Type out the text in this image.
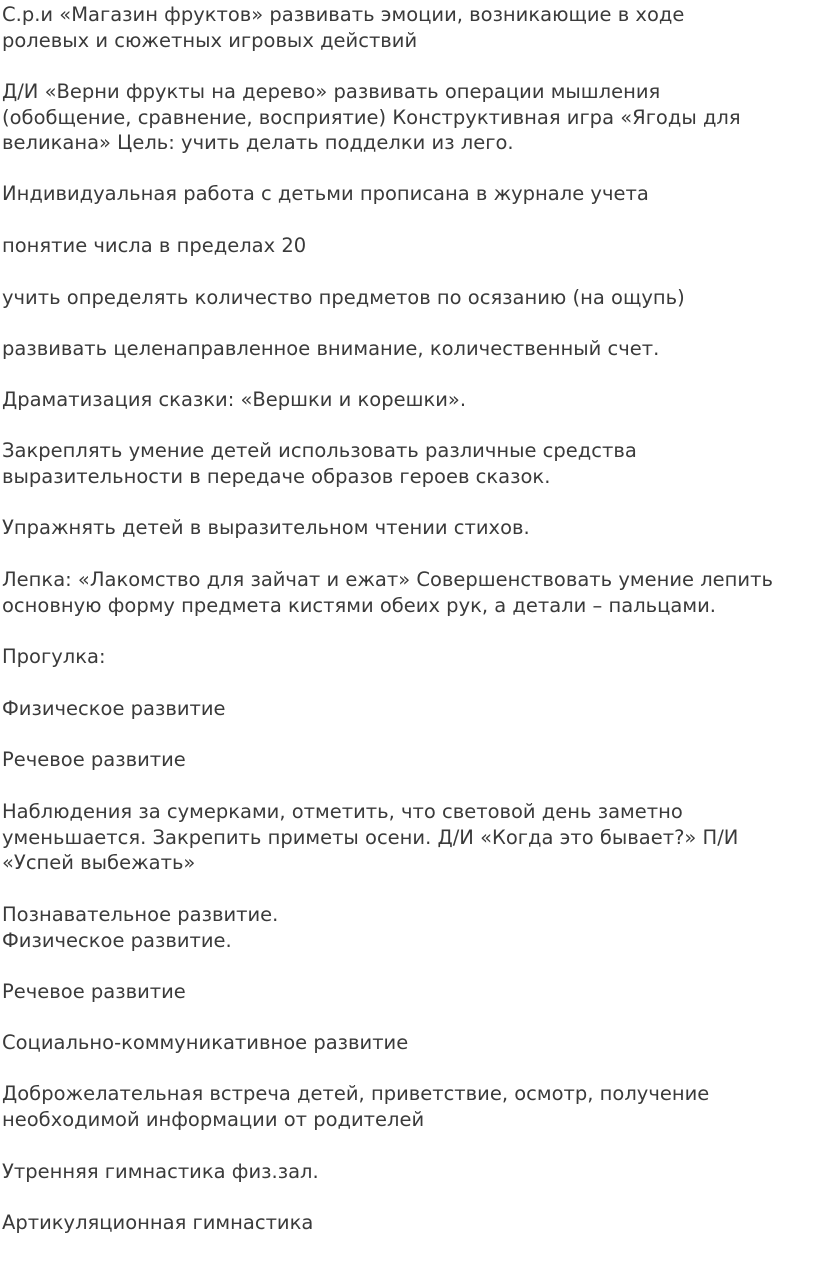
С.р.и «Магазин фруктов» развивать эмоции, возникающие в ходе
ролевых и сюжетных игровых действий

Д/И «Верни фрукты на дерево» развивать операции мышления
(обобщение, сравнение, восприятие) Конструктивная игра «Ягоды для
великана» Цель: учить делать подделки из лего.

Индивидуальная работа с детьми прописана в журнале учета

понятие числа в пределах 20

учить определять количество предметов по осязанию (на ощупь)

развивать целенаправленное внимание, количественный счет.

Драматизация сказки: «Вершки и корешки».

Закреплять умение детей использовать различные средства
выразительности в передаче образов героев сказок.

Упражнять детей в выразительном чтении стихов.

Лепка: «Лакомство для зайчат и ежат» Совершенствовать умение лепить
основную форму предмета кистями обеих рук, а детали – пальцами.

Прогулка:

Физическое развитие

Речевое развитие

Наблюдения за сумерками, отметить, что световой день заметно
уменьшается. Закрепить приметы осени. Д/И «Когда это бывает?» П/И
«Успей выбежать»

Познавательное развитие.
Физическое развитие.

Речевое развитие

Социально-коммуникативное развитие

Доброжелательная встреча детей, приветствие, осмотр, получение
необходимой информации от родителей

Утренняя гимнастика физ.зал.

Артикуляционная гимнастика
